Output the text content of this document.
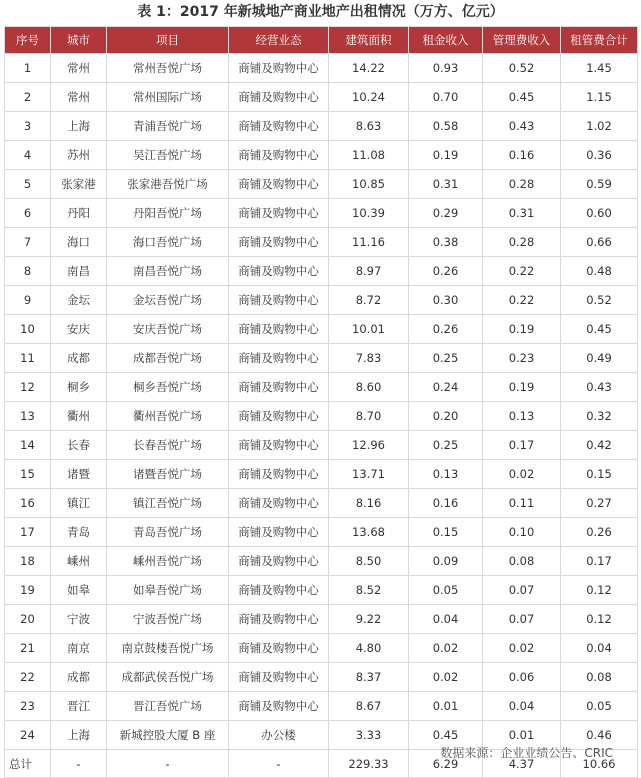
表 1：2017 年新城地产商业地产出租情况（万方、亿元）
序号	城市	项目	经营业态	建筑面积	租金收入	管理费收入	租管费合计
1	常州	常州吾悦广场	商铺及购物中心	14.22	0.93	0.52	1.45
2	常州	常州国际广场	商铺及购物中心	10.24	0.70	0.45	1.15
3	上海	青浦吾悦广场	商铺及购物中心	8.63	0.58	0.43	1.02
4	苏州	吴江吾悦广场	商铺及购物中心	11.08	0.19	0.16	0.36
5	张家港	张家港吾悦广场	商铺及购物中心	10.85	0.31	0.28	0.59
6	丹阳	丹阳吾悦广场	商铺及购物中心	10.39	0.29	0.31	0.60
7	海口	海口吾悦广场	商铺及购物中心	11.16	0.38	0.28	0.66
8	南昌	南昌吾悦广场	商铺及购物中心	8.97	0.26	0.22	0.48
9	金坛	金坛吾悦广场	商铺及购物中心	8.72	0.30	0.22	0.52
10	安庆	安庆吾悦广场	商铺及购物中心	10.01	0.26	0.19	0.45
11	成都	成都吾悦广场	商铺及购物中心	7.83	0.25	0.23	0.49
12	桐乡	桐乡吾悦广场	商铺及购物中心	8.60	0.24	0.19	0.43
13	衢州	衢州吾悦广场	商铺及购物中心	8.70	0.20	0.13	0.32
14	长春	长春吾悦广场	商铺及购物中心	12.96	0.25	0.17	0.42
15	诸暨	诸暨吾悦广场	商铺及购物中心	13.71	0.13	0.02	0.15
16	镇江	镇江吾悦广场	商铺及购物中心	8.16	0.16	0.11	0.27
17	青岛	青岛吾悦广场	商铺及购物中心	13.68	0.15	0.10	0.26
18	嵊州	嵊州吾悦广场	商铺及购物中心	8.50	0.09	0.08	0.17
19	如皋	如皋吾悦广场	商铺及购物中心	8.52	0.05	0.07	0.12
20	宁波	宁波吾悦广场	商铺及购物中心	9.22	0.04	0.07	0.12
21	南京	南京鼓楼吾悦广场	商铺及购物中心	4.80	0.02	0.02	0.04
22	成都	成都武侯吾悦广场	商铺及购物中心	8.37	0.02	0.06	0.08
23	晋江	晋江吾悦广场	商铺及购物中心	8.67	0.01	0.04	0.05
24	上海	新城控股大厦 B 座	办公楼	3.33	0.45	0.01	0.46
总计	-	-	-	229.33	6.29	4.37	10.66
数据来源：企业业绩公告、CRIC
